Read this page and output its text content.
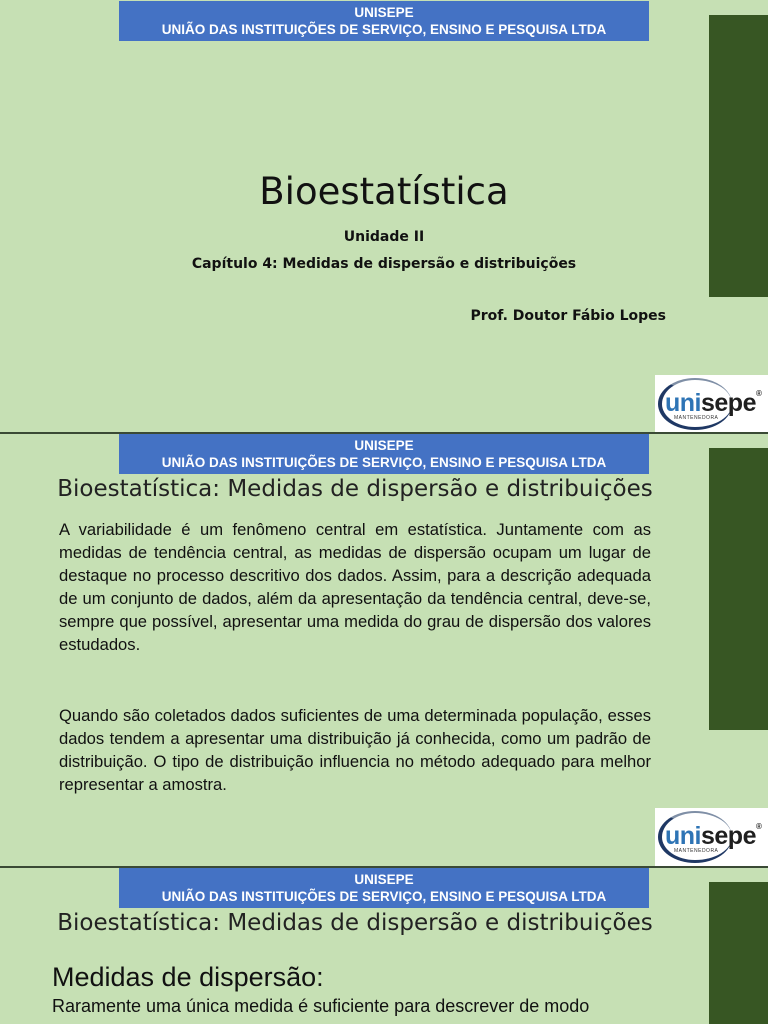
UNISEPE
UNIÃO DAS INSTITUIÇÕES DE SERVIÇO, ENSINO E PESQUISA LTDA
Bioestatística
Unidade II
Capítulo 4: Medidas de dispersão e distribuições
Prof. Doutor Fábio Lopes
unisepe®
MANTENEDORA
UNISEPE
UNIÃO DAS INSTITUIÇÕES DE SERVIÇO, ENSINO E PESQUISA LTDA
Bioestatística: Medidas de dispersão e distribuições

A variabilidade é um fenômeno central em estatística. Juntamente com as medidas de tendência central, as medidas de dispersão ocupam um lugar de destaque no processo descritivo dos dados. Assim, para a descrição adequada de um conjunto de dados, além da apresentação da tendência central, deve-se, sempre que possível, apresentar uma medida do grau de dispersão dos valores estudados.

Quando são coletados dados suficientes de uma determinada população, esses dados tendem a apresentar uma distribuição já conhecida, como um padrão de distribuição. O tipo de distribuição influencia no método adequado para melhor representar a amostra.

unisepe®
MANTENEDORA
UNISEPE
UNIÃO DAS INSTITUIÇÕES DE SERVIÇO, ENSINO E PESQUISA LTDA
Bioestatística: Medidas de dispersão e distribuições
Medidas de dispersão:
Raramente uma única medida é suficiente para descrever de modo
